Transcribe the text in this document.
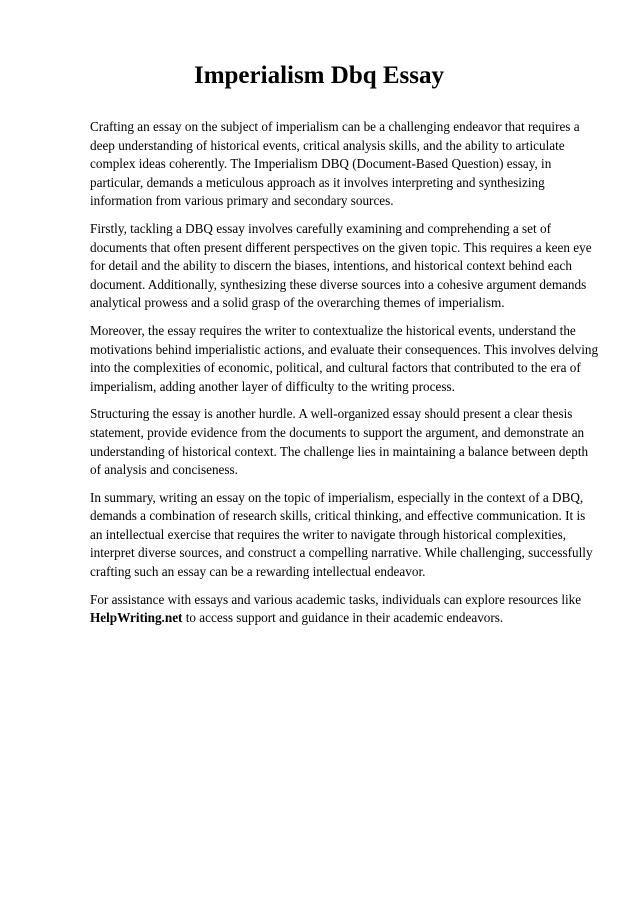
Imperialism Dbq Essay

Crafting an essay on the subject of imperialism can be a challenging endeavor that requires a deep understanding of historical events, critical analysis skills, and the ability to articulate complex ideas coherently. The Imperialism DBQ (Document-Based Question) essay, in particular, demands a meticulous approach as it involves interpreting and synthesizing information from various primary and secondary sources.

Firstly, tackling a DBQ essay involves carefully examining and comprehending a set of documents that often present different perspectives on the given topic. This requires a keen eye for detail and the ability to discern the biases, intentions, and historical context behind each document. Additionally, synthesizing these diverse sources into a cohesive argument demands analytical prowess and a solid grasp of the overarching themes of imperialism.

Moreover, the essay requires the writer to contextualize the historical events, understand the motivations behind imperialistic actions, and evaluate their consequences. This involves delving into the complexities of economic, political, and cultural factors that contributed to the era of imperialism, adding another layer of difficulty to the writing process.

Structuring the essay is another hurdle. A well-organized essay should present a clear thesis statement, provide evidence from the documents to support the argument, and demonstrate an understanding of historical context. The challenge lies in maintaining a balance between depth of analysis and conciseness.

In summary, writing an essay on the topic of imperialism, especially in the context of a DBQ, demands a combination of research skills, critical thinking, and effective communication. It is an intellectual exercise that requires the writer to navigate through historical complexities, interpret diverse sources, and construct a compelling narrative. While challenging, successfully crafting such an essay can be a rewarding intellectual endeavor.

For assistance with essays and various academic tasks, individuals can explore resources like HelpWriting.net to access support and guidance in their academic endeavors.
